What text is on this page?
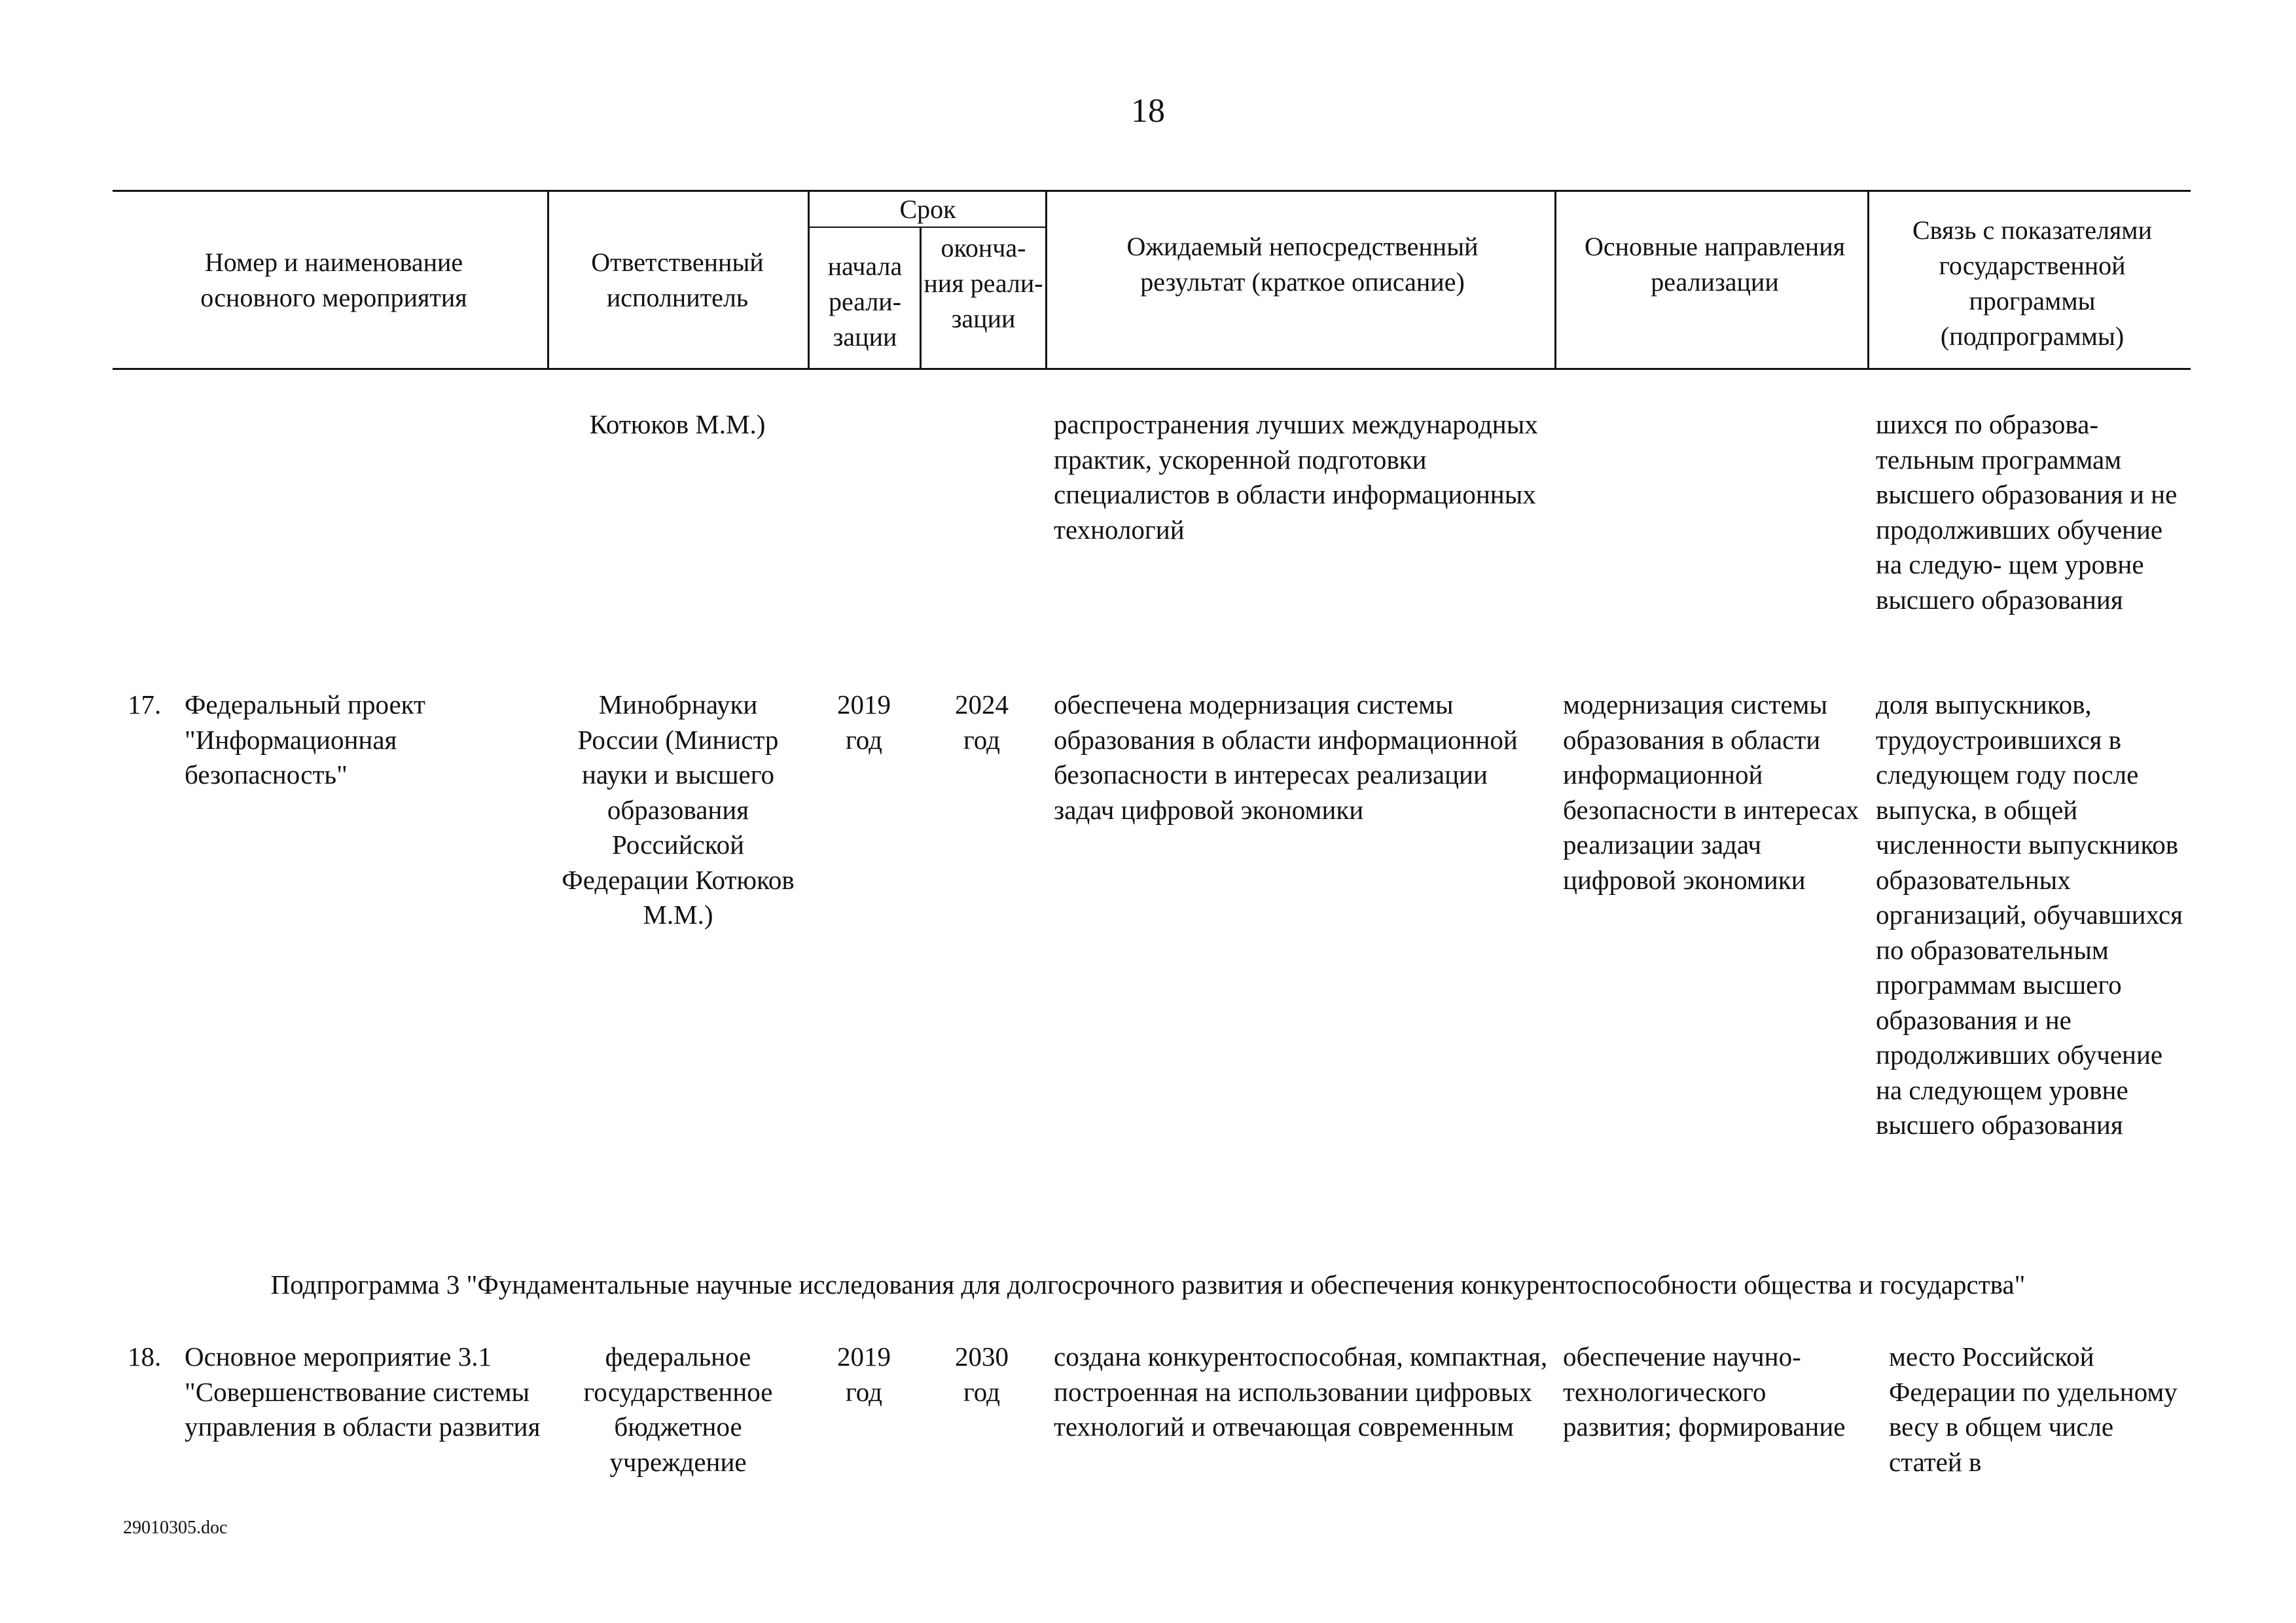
18
Номер и наименование основного мероприятия
Ответственный исполнитель
Срок
начала реали- зации
оконча- ния реали- зации
Ожидаемый непосредственный результат (краткое описание)
Основные направления реализации
Связь с показателями государственной программы (подпрограммы)
Котюков М.М.)	распространения лучших международных практик, ускоренной подготовки специалистов в области информационных технологий
шихся по образова- тельным программам высшего образования и не продолживших обучение на следую- щем уровне высшего образования
17. Федеральный проект "Информационная безопасность"
Минобрнауки России (Министр науки и высшего образования Российской Федерации Котюков М.М.)
2019 год
2024 год
обеспечена модернизация системы образования в области информационной безопасности в интересах реализации задач цифровой экономики
модернизация системы образования в области информационной безопасности в интересах реализации задач цифровой экономики
доля выпускников, трудоустроившихся в следующем году после выпуска, в общей численности выпускников образовательных организаций, обучавшихся по образовательным программам высшего образования и не продолживших обучение на следующем уровне высшего образования
Подпрограмма 3 "Фундаментальные научные исследования для долгосрочного развития и обеспечения конкурентоспособности общества и государства"
18. Основное мероприятие 3.1 "Совершенствование системы управления в области развития
федеральное государственное бюджетное учреждение
2019 год
2030 год
создана конкурентоспособная, компактная, построенная на использовании цифровых технологий и отвечающая современным
обеспечение научно- технологического развития; формирование
место Российской Федерации по удельному весу в общем числе статей в
29010305.doc
